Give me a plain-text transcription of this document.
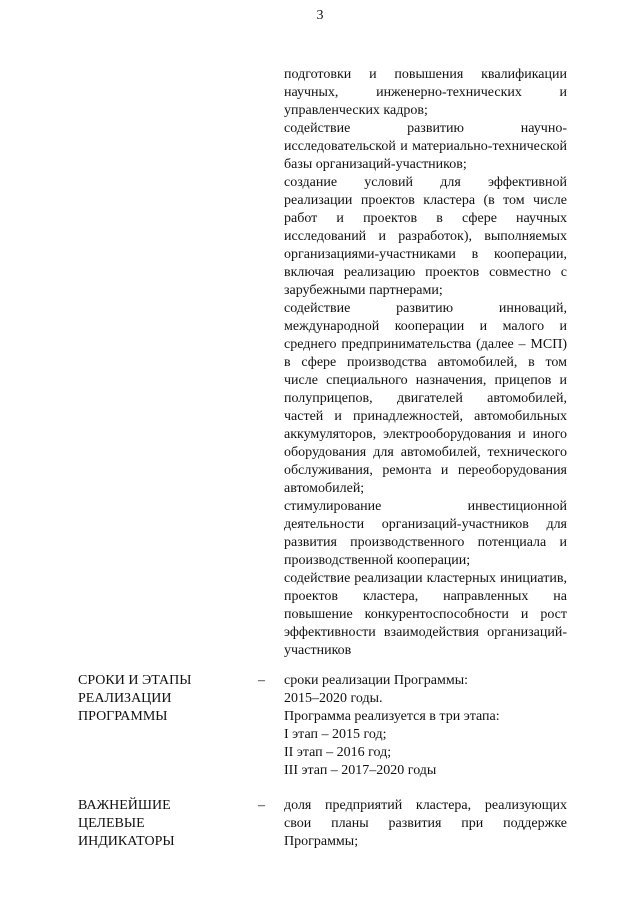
3
подготовки и повышения квалификации научных, инженерно-технических и управленческих кадров;
содействие развитию научно-исследовательской и материально-технической базы организаций-участников;
создание условий для эффективной реализации проектов кластера (в том числе работ и проектов в сфере научных исследований и разработок), выполняемых организациями-участниками в кооперации, включая реализацию проектов совместно с зарубежными партнерами;
содействие развитию инноваций, международной кооперации и малого и среднего предпринимательства (далее – МСП) в сфере производства автомобилей, в том числе специального назначения, прицепов и полуприцепов, двигателей автомобилей, частей и принадлежностей, автомобильных аккумуляторов, электрооборудования и иного оборудования для автомобилей, технического обслуживания, ремонта и переоборудования автомобилей;
стимулирование инвестиционной деятельности организаций-участников для развития производственного потенциала и производственной кооперации;
содействие реализации кластерных инициатив, проектов кластера, направленных на повышение конкурентоспособности и рост эффективности взаимодействия организаций-участников
СРОКИ И ЭТАПЫ
РЕАЛИЗАЦИИ
ПРОГРАММЫ
– сроки реализации Программы:
2015–2020 годы.
Программа реализуется в три этапа:
I этап – 2015 год;
II этап – 2016 год;
III этап – 2017–2020 годы
ВАЖНЕЙШИЕ
ЦЕЛЕВЫЕ
ИНДИКАТОРЫ
– доля предприятий кластера, реализующих свои планы развития при поддержке Программы;
